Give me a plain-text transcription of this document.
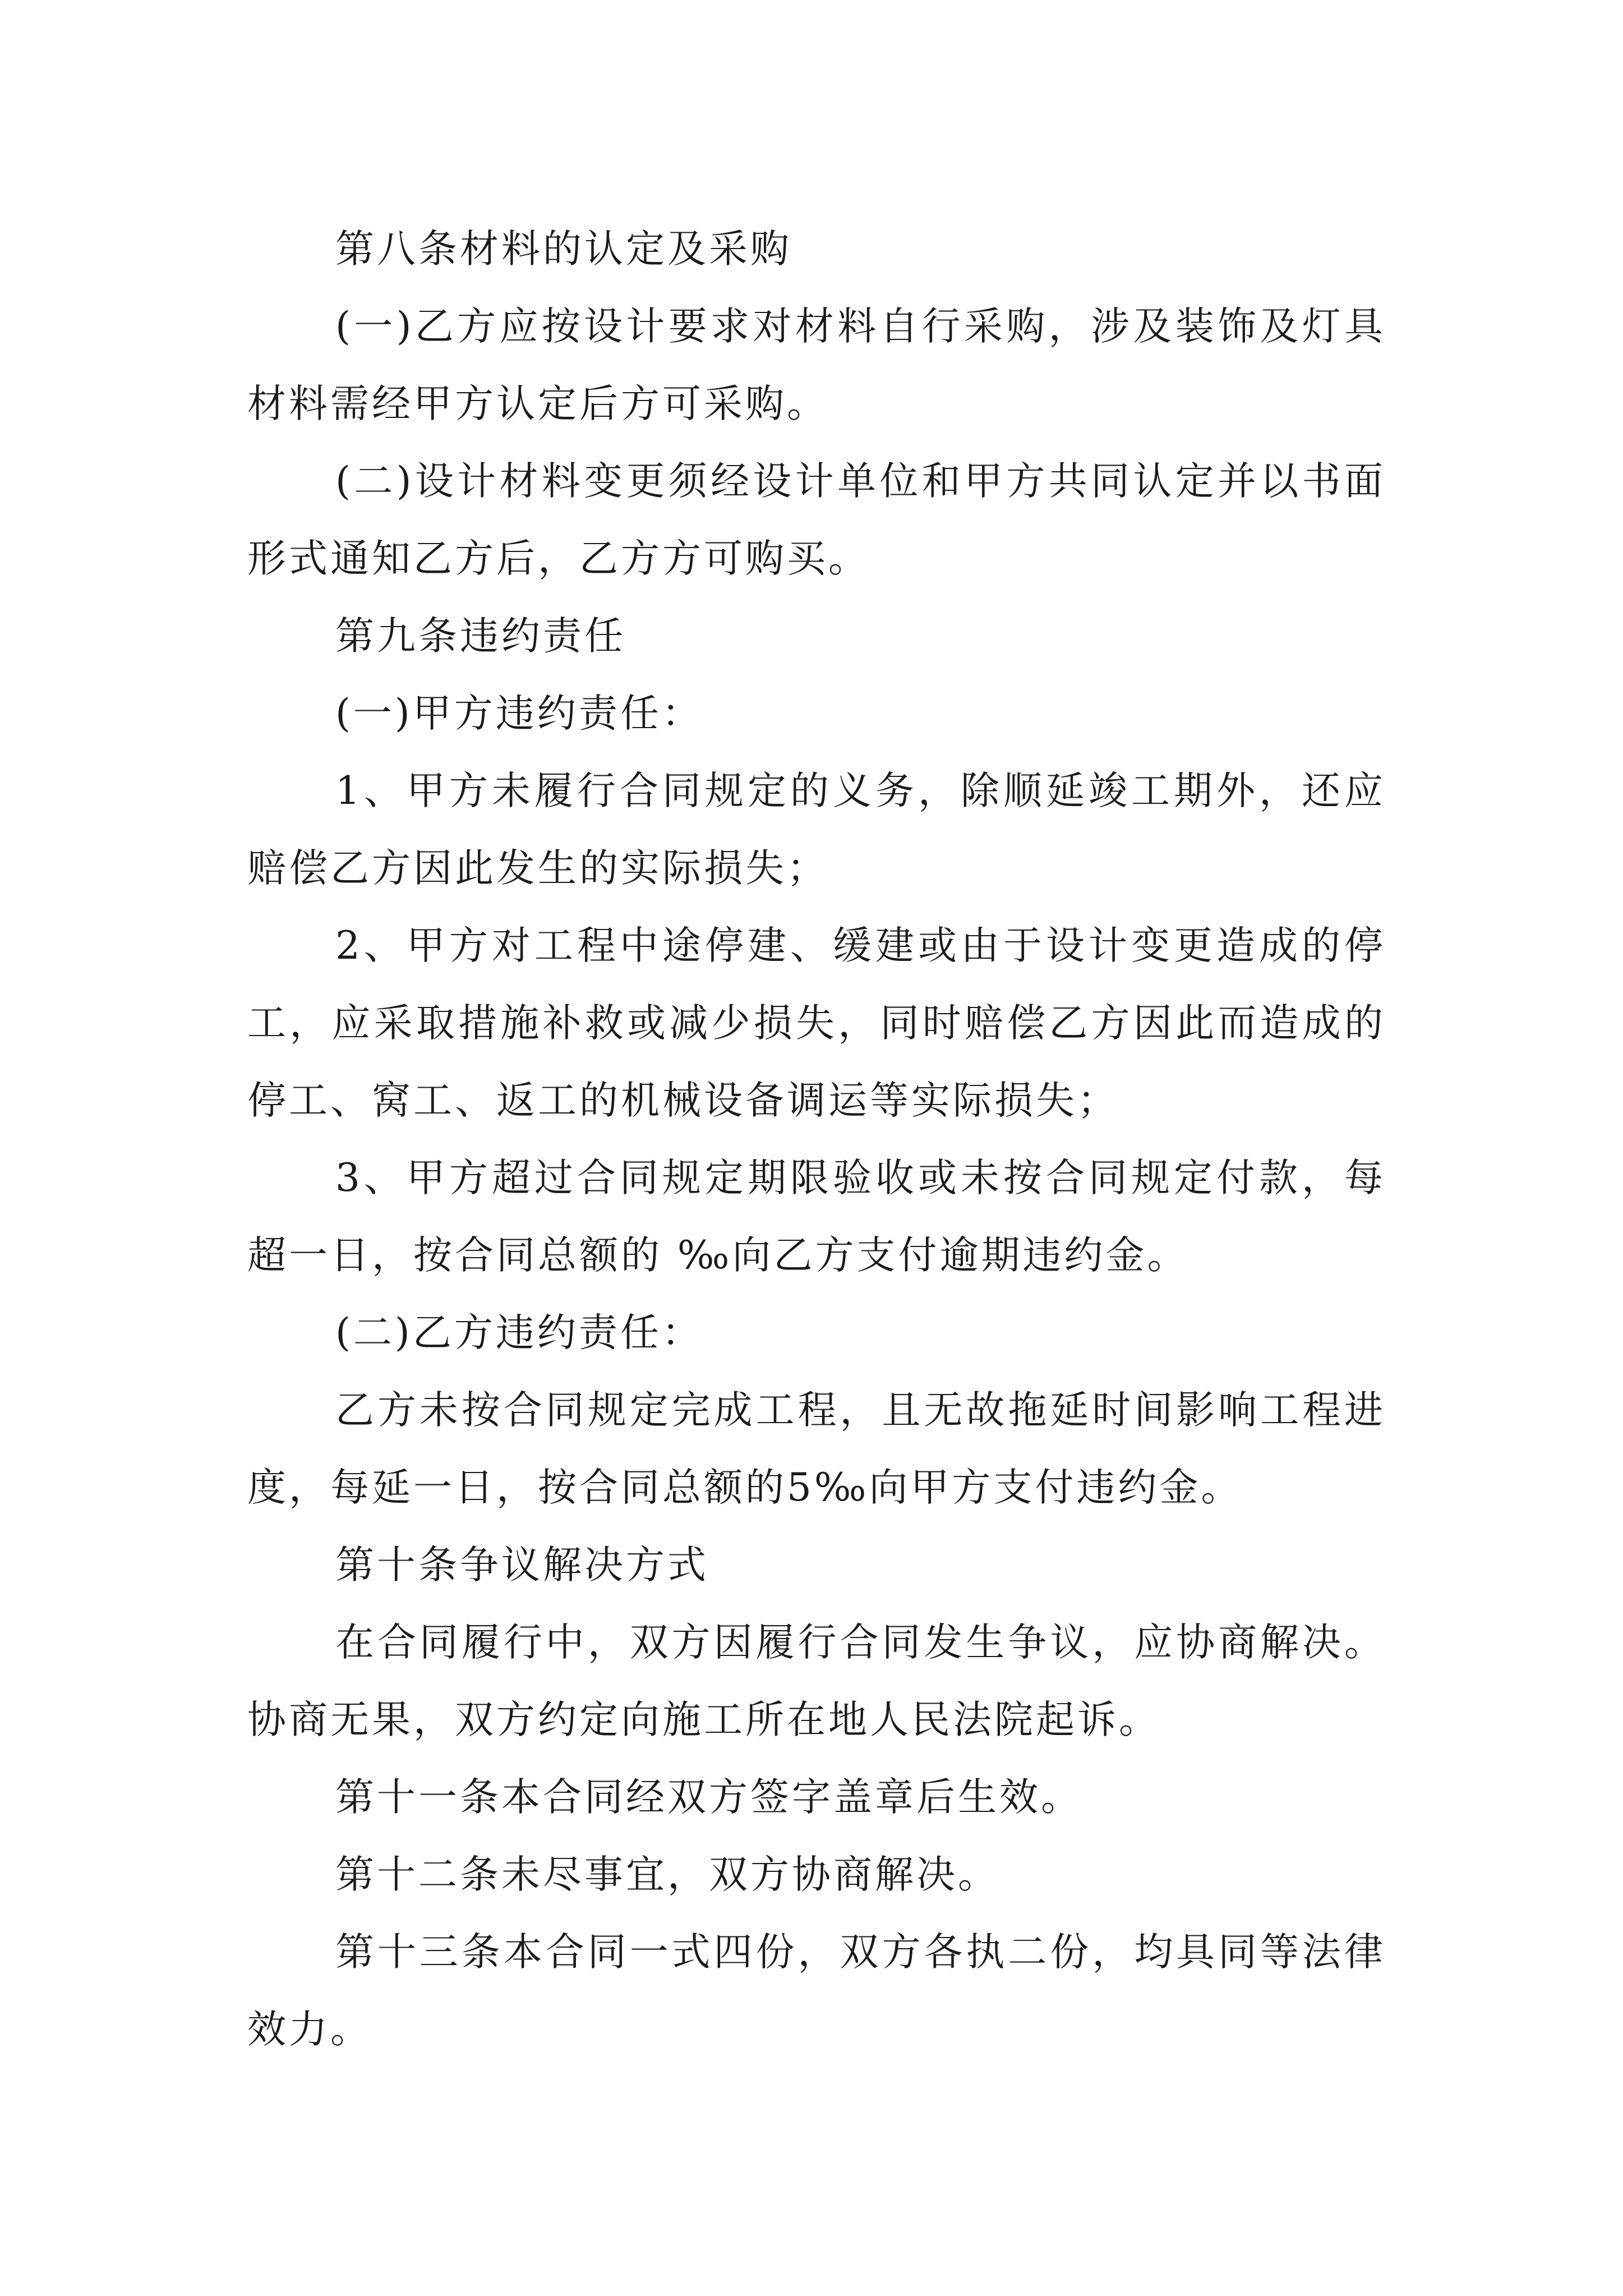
第八条材料的认定及采购

(一)乙方应按设计要求对材料自行采购，涉及装饰及灯具材料需经甲方认定后方可采购。

(二)设计材料变更须经设计单位和甲方共同认定并以书面形式通知乙方后，乙方方可购买。

第九条违约责任

(一)甲方违约责任：

1、甲方未履行合同规定的义务，除顺延竣工期外，还应赔偿乙方因此发生的实际损失；

2、甲方对工程中途停建、缓建或由于设计变更造成的停工，应采取措施补救或减少损失，同时赔偿乙方因此而造成的停工、窝工、返工的机械设备调运等实际损失；

3、甲方超过合同规定期限验收或未按合同规定付款，每超一日，按合同总额的 ‰向乙方支付逾期违约金。

(二)乙方违约责任：

乙方未按合同规定完成工程，且无故拖延时间影响工程进度，每延一日，按合同总额的5‰向甲方支付违约金。

第十条争议解决方式

在合同履行中，双方因履行合同发生争议，应协商解决。协商无果，双方约定向施工所在地人民法院起诉。

第十一条本合同经双方签字盖章后生效。

第十二条未尽事宜，双方协商解决。

第十三条本合同一式四份，双方各执二份，均具同等法律效力。
